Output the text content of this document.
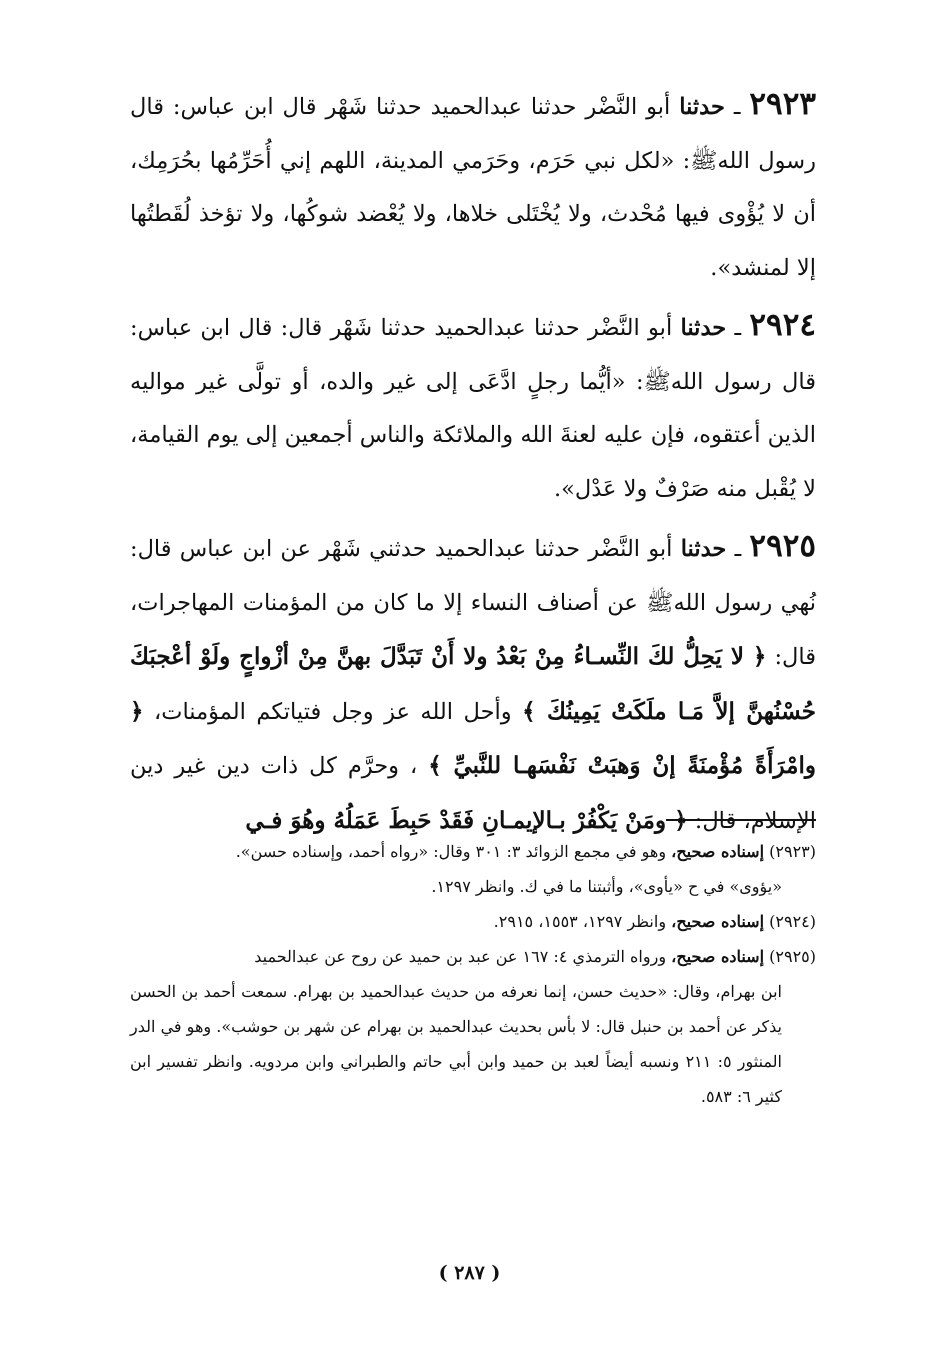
٢٩٢٣ ـ حدثنا أبو النَّضْر حدثنا عبدالحميد حدثنا شَهْر قال ابن عباس: قال رسول اللهﷺ: «لكل نبي حَرَم، وحَرَمي المدينة، اللهم إني أُحَرِّمُها بحُرَمِك، أن لا يُؤْوى فيها مُحْدث، ولا يُخْتَلى خلاها، ولا يُعْضد شوكُها، ولا تؤخذ لُقَطتُها إلا لمنشد».

٢٩٢٤ ـ حدثنا أبو النَّضْر حدثنا عبدالحميد حدثنا شَهْر قال: قال ابن عباس: قال رسول اللهﷺ: «أيُّما رجلٍ ادَّعَى إلى غير والده، أو تولَّى غير مواليه الذين أعتقوه، فإن عليه لعنةَ الله والملائكة والناس أجمعين إلى يوم القيامة، لا يُقْبل منه صَرْفٌ ولا عَدْل».

٢٩٢٥ ـ حدثنا أبو النَّضْر حدثنا عبدالحميد حدثني شَهْر عن ابن عباس قال: نُهي رسول اللهﷺ عن أصناف النساء إلا ما كان من المؤمنات المهاجرات، قال: ﴿ لا يَحِلُّ لكَ النِّسـاءُ مِنْ بَعْدُ ولا أَنْ تَبَدَّلَ بهنَّ مِنْ أزْواجٍ ولَوْ أعْجبَكَ حُسْنُهنَّ إلاَّ مَـا ملَكَتْ يَمِينُكَ ﴾ وأحل الله عز وجل فتياتكم المؤمنات، ﴿ وامْرَأَةً مُؤْمنَةً إنْ وَهبَتْ نَفْسَهـا للنَّبيِّ ﴾ ، وحرَّم كل ذات دين غير دين الإسلام، قال: ﴿ ومَنْ يَكْفُرْ بـالإيمـانِ فَقَدْ حَبِطَ عَمَلُهُ وهُوَ فـي

(٢٩٢٣) إسناده صحيح، وهو في مجمع الزوائد ٣: ٣٠١ وقال: «رواه أحمد، وإسناده حسن».

«يؤوى» في ح «يأوى»، وأثبتنا ما في ك. وانظر ١٢٩٧.

(٢٩٢٤) إسناده صحيح، وانظر ١٢٩٧، ١٥٥٣، ٢٩١٥.

(٢٩٢٥) إسناده صحيح، ورواه الترمذي ٤: ١٦٧ عن عبد بن حميد عن روح عن عبدالحميد

ابن بهرام، وقال: «حديث حسن، إنما نعرفه من حديث عبدالحميد بن بهرام. سمعت أحمد بن الحسن يذكر عن أحمد بن حنبل قال: لا بأس بحديث عبدالحميد بن بهرام عن شهر بن حوشب». وهو في الدر المنثور ٥: ٢١١ ونسبه أيضاً لعبد بن حميد وابن أبي حاتم والطبراني وابن مردويه. وانظر تفسير ابن كثير ٦: ٥٨٣.

( ٢٨٧ )
